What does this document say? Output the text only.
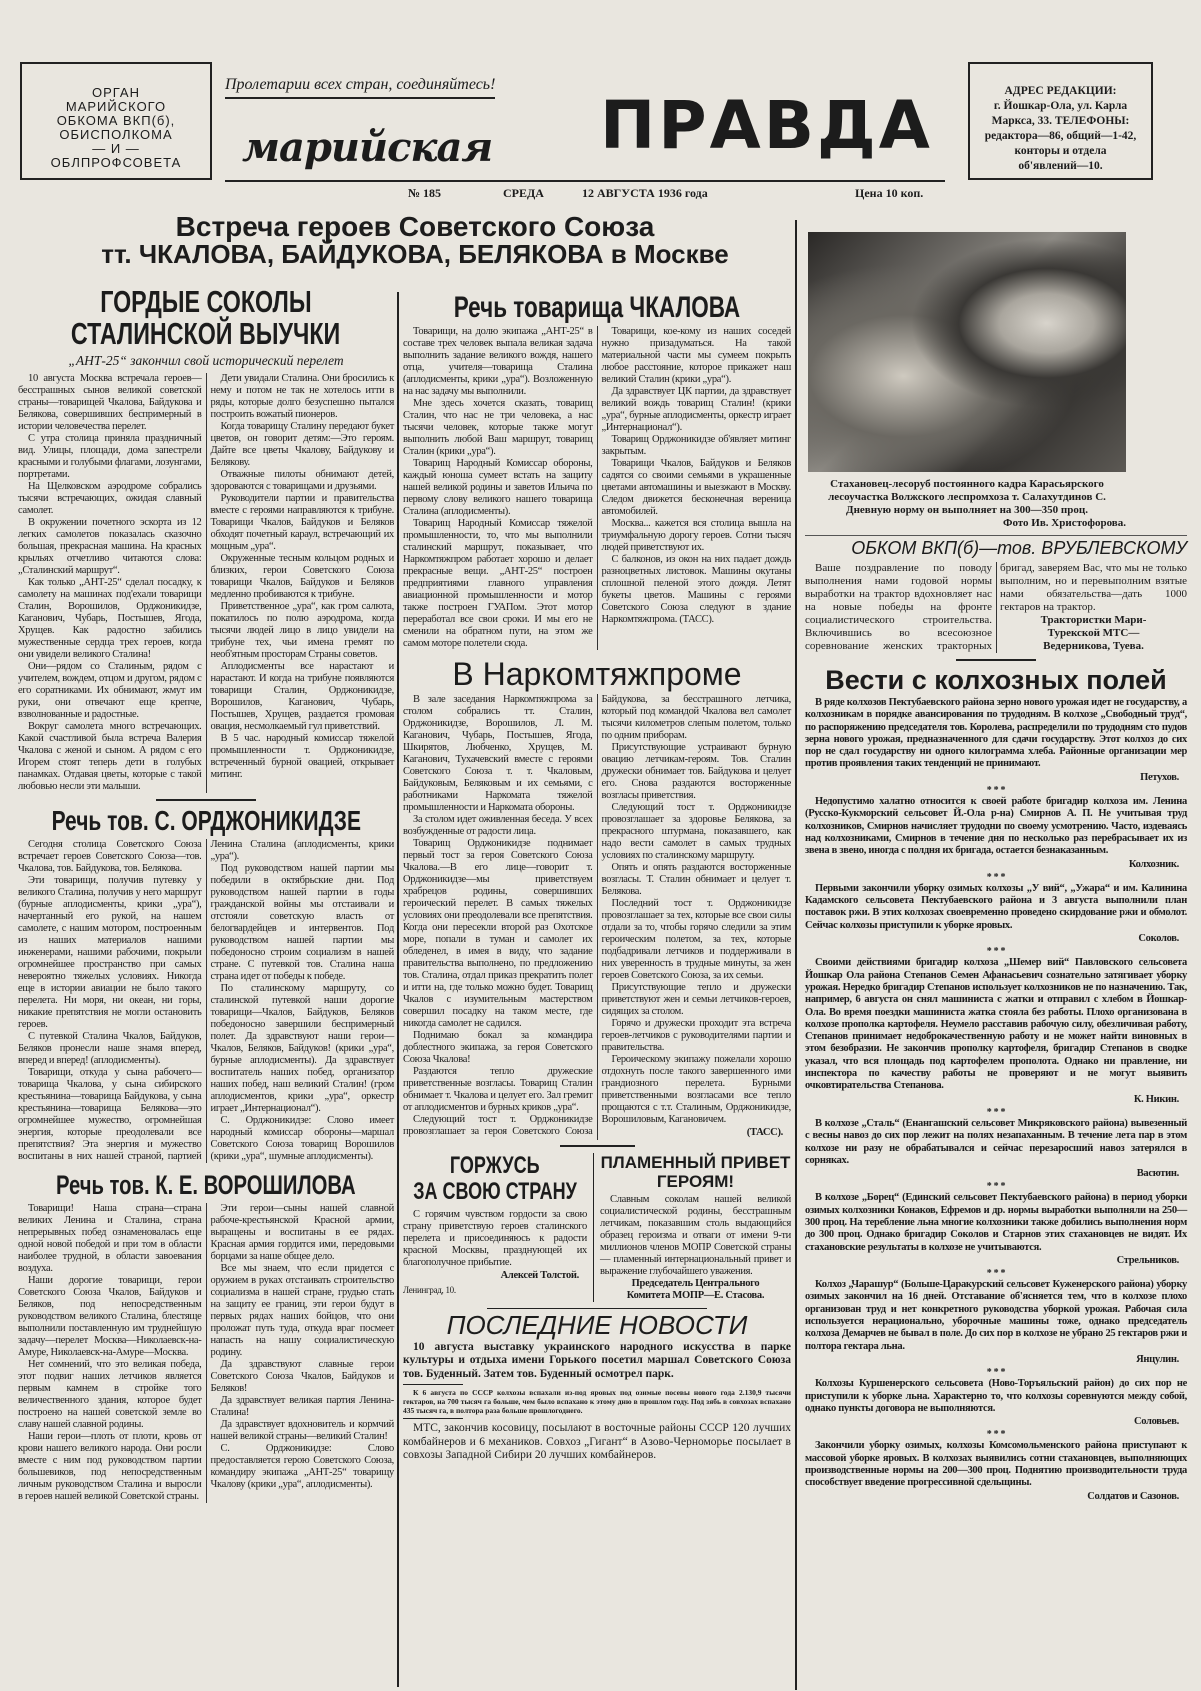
ОРГАН
МАРИЙСКОГО
ОБКОМА ВКП(б),
ОБИСПОЛКОМА
— И —
ОБЛПРОФСОВЕТА
Пролетарии всех стран, соединяйтесь!
марийская ПРАВДА	АДРЕС РЕДАКЦИИ:
г. Йошкар-Ола, ул. Карла
Маркса, 33. ТЕЛЕФОНЫ:
редактора—86, общий—1-42,
конторы и отдела
об'явлений—10.
№ 185	СРЕДА	12 АВГУСТА 1936 года	Цена 10 коп.
Встреча героев Советского Союза
тт. ЧКАЛОВА, БАЙДУКОВА, БЕЛЯКОВА в Москве
ГОРДЫЕ СОКОЛЫ
СТАЛИНСКОЙ ВЫУЧКИ
„АНТ-25“ закончил свой исторический перелет

10 августа Москва встречала героев—бесстрашных сынов великой советской страны—товарищей Чкалова, Байдукова и Белякова, совершивших беспримерный в истории человечества перелет.

С утра столица приняла праздничный вид. Улицы, площади, дома запестрели красными и голубыми флагами, лозунгами, портретами.

На Щелковском аэродроме собрались тысячи встречающих, ожидая славный самолет.

В окружении почетного эскорта из 12 легких самолетов показалась сказочно большая, прекрасная машина. На красных крыльях отчетливо читаются слова: „Сталинский маршрут“.

Как только „АНТ-25“ сделал посадку, к самолету на машинах под'ехали товарищи Сталин, Ворошилов, Орджоникидзе, Каганович, Чубарь, Постышев, Ягода, Хрущев. Как радостно забились мужественные сердца трех героев, когда они увидели великого Сталина!

Они—рядом со Сталиным, рядом с учителем, вождем, отцом и другом, рядом с его соратниками. Их обнимают, жмут им руки, они отвечают еще крепче, взволнованные и радостные.

Вокруг самолета много встречающих. Какой счастливой была встреча Валерия Чкалова с женой и сыном. А рядом с его Игорем стоят теперь дети в голубых панамках. Отдавая цветы, которые с такой любовью несли эти малыши.

Дети увидали Сталина. Они бросились к нему и потом не так не хотелось итти в ряды, которые долго безуспешно пытался построить вожатый пионеров.

Когда товарищу Сталину передают букет цветов, он говорит детям:—Это героям. Дайте все цветы Чкалову, Байдукову и Белякову.

Отважные пилоты обнимают детей, здороваются с товарищами и друзьями.

Руководители партии и правительства вместе с героями направляются к трибуне. Товарищи Чкалов, Байдуков и Беляков обходят почетный караул, встречающий их мощным „ура“.

Окруженные тесным кольцом родных и близких, герои Советского Союза товарищи Чкалов, Байдуков и Беляков медленно пробиваются к трибуне.

Приветственное „ура“, как гром салюта, покатилось по полю аэродрома, когда тысячи людей лицо в лицо увидели на трибуне тех, чьи имена гремят по необ'ятным просторам Страны советов.

Аплодисменты все нарастают и нарастают. И когда на трибуне появляются товарищи Сталин, Орджоникидзе, Ворошилов, Каганович, Чубарь, Постышев, Хрущев, раздается громовая овация, несмолкаемый гул приветствий.

В 5 час. народный комиссар тяжелой промышленности т. Орджоникидзе, встреченный бурной овацией, открывает митинг.

Речь тов. С. ОРДЖОНИКИДЗЕ

Сегодня столица Советского Союза встречает героев Советского Союза—тов. Чкалова, тов. Байдукова, тов. Белякова.

Эти товарищи, получив путевку у великого Сталина, получив у него маршрут (бурные аплодисменты, крики „ура“), начертанный его рукой, на нашем самолете, с нашим мотором, построенным из наших материалов нашими инженерами, нашими рабочими, покрыли огромнейшее пространство при самых невероятно тяжелых условиях. Никогда еще в истории авиации не было такого перелета. Ни моря, ни океан, ни горы, никакие препятствия не могли остановить героев.

С путевкой Сталина Чкалов, Байдуков, Беляков пронесли наше знамя вперед, вперед и вперед! (аплодисменты).

Товарищи, откуда у сына рабочего—товарища Чкалова, у сына сибирского крестьянина—товарища Байдукова, у сына крестьянина—товарища Белякова—это огромнейшее мужество, огромнейшая энергия, которые преодолевали все препятствия? Эта энергия и мужество воспитаны в них нашей страной, партией Ленина Сталина (аплодисменты, крики „ура“).

Под руководством нашей партии мы победили в октябрьские дни. Под руководством нашей партии в годы гражданской войны мы отстаивали и отстояли советскую власть от белогвардейцев и интервентов. Под руководством нашей партии мы победоносно строим социализм в нашей стране. С путевкой тов. Сталина наша страна идет от победы к победе.

По сталинскому маршруту, со сталинской путевкой наши дорогие товарищи—Чкалов, Байдуков, Беляков победоносно завершили беспримерный полет. Да здравствуют наши герои—Чкалов, Беляков, Байдуков! (крики „ура“, бурные аплодисменты). Да здравствует воспитатель наших побед, организатор наших побед, наш великий Сталин! (гром аплодисментов, крики „ура“, оркестр играет „Интернационал“).

С. Орджоникидзе: Слово имеет народный комиссар обороны—маршал Советского Союза товарищ Ворошилов (крики „ура“, шумные аплодисменты).

Речь тов. К. Е. ВОРОШИЛОВА

Товарищи! Наша страна—страна великих Ленина и Сталина, страна непрерывных побед ознаменовалась еще одной новой победой и при том в области наиболее трудной, в области завоевания воздуха.

Наши дорогие товарищи, герои Советского Союза Чкалов, Байдуков и Беляков, под непосредственным руководством великого Сталина, блестяще выполнили поставленную им труднейшую задачу—перелет Москва—Николаевск-на-Амуре, Николаевск-на-Амуре—Москва.

Нет сомнений, что это великая победа, этот подвиг наших летчиков является первым камнем в стройке того величественного здания, которое будет построено на нашей советской земле во славу нашей славной родины.

Наши герои—плоть от плоти, кровь от крови нашего великого народа. Они росли вместе с ним под руководством партии большевиков, под непосредственным личным руководством Сталина и выросли в героев нашей великой Советской страны.

Эти герои—сыны нашей славной рабоче-крестьянской Красной армии, выращены и воспитаны в ее рядах. Красная армия гордится ими, передовыми борцами за наше общее дело.

Все мы знаем, что если придется с оружием в руках отстаивать строительство социализма в нашей стране, грудью стать на защиту ее границ, эти герои будут в первых рядах наших бойцов, что они проложат путь туда, откуда враг посмеет напасть на нашу социалистическую родину.

Да здравствуют славные герои Советского Союза Чкалов, Байдуков и Беляков!

Да здравствует великая партия Ленина-Сталина!

Да здравствует вдохновитель и кормчий нашей великой страны—великий Сталин!

С. Орджоникидзе: Слово предоставляется герою Советского Союза, командиру экипажа „АНТ-25“ товарищу Чкалову (крики „ура“, аплодисменты).

Речь товарища ЧКАЛОВА

Товарищи, на долю экипажа „АНТ-25“ в составе трех человек выпала великая задача выполнить задание великого вождя, нашего отца, учителя—товарища Сталина (аплодисменты, крики „ура“). Возложенную на нас задачу мы выполнили.

Мне здесь хочется сказать, товарищ Сталин, что нас не три человека, а нас тысячи человек, которые также могут выполнить любой Ваш маршрут, товарищ Сталин (крики „ура“).

Товарищ Народный Комиссар обороны, каждый юноша сумеет встать на защиту нашей великой родины и заветов Ильича по первому слову великого нашего товарища Сталина (аплодисменты).

Товарищ Народный Комиссар тяжелой промышленности, то, что мы выполнили сталинский маршрут, показывает, что Наркомтяжпром работает хорошо и делает прекрасные вещи. „АНТ-25“ построен предприятиями главного управления авиационной промышленности и мотор также построен ГУАПом. Этот мотор переработал все свои сроки. И мы его не сменили на обратном пути, на этом же самом моторе полетели сюда.

Товарищи, кое-кому из наших соседей нужно призадуматься. На такой материальной части мы сумеем покрыть любое расстояние, которое прикажет наш великий Сталин (крики „ура“).

Да здравствует ЦК партии, да здравствует великий вождь товарищ Сталин! (крики „ура“, бурные аплодисменты, оркестр играет „Интернационал“).

Товарищ Орджоникидзе об'являет митинг закрытым.

Товарищи Чкалов, Байдуков и Беляков садятся со своими семьями в украшенные цветами автомашины и выезжают в Москву. Следом движется бесконечная вереница автомобилей.

Москва... кажется вся столица вышла на триумфальную дорогу героев. Сотни тысяч людей приветствуют их.

С балконов, из окон на них падает дождь разноцветных листовок. Машины окутаны сплошной пеленой этого дождя. Летят букеты цветов. Машины с героями Советского Союза следуют в здание Наркомтяжпрома. (ТАСС).

В Наркомтяжпроме

В зале заседания Наркомтяжпрома за столом собрались тт. Сталин, Орджоникидзе, Ворошилов, Л. М. Каганович, Чубарь, Постышев, Ягода, Шкирятов, Любченко, Хрущев, М. Каганович, Тухачевский вместе с героями Советского Союза т. т. Чкаловым, Байдуковым, Беляковым и их семьями, с работниками Наркомата тяжелой промышленности и Наркомата обороны.

За столом идет оживленная беседа. У всех возбужденные от радости лица.

Товарищ Орджоникидзе поднимает первый тост за героя Советского Союза Чкалова.—В его лице—говорит т. Орджоникидзе—мы приветствуем храбрецов родины, совершивших героический перелет. В самых тяжелых условиях они преодолевали все препятствия. Когда они пересекли второй раз Охотское море, попали в туман и самолет их обледенел, в имея в виду, что задание правительства выполнено, по предложению тов. Сталина, отдал приказ прекратить полет и итти на, где только можно будет. Товарищ Чкалов с изумительным мастерством совершил посадку на таком месте, где никогда самолет не садился.

Поднимаю бокал за командира доблестного экипажа, за героя Советского Союза Чкалова!

Раздаются тепло дружеские приветственные возгласы. Товарищ Сталин обнимает т. Чкалова и целует его. Зал гремит от аплодисментов и бурных криков „ура“.

Следующий тост т. Орджоникидзе провозглашает за героя Советского Союза Байдукова, за бесстрашного летчика, который под командой Чкалова вел самолет тысячи километров слепым полетом, только по одним приборам.

Присутствующие устраивают бурную овацию летчикам-героям. Тов. Сталин дружески обнимает тов. Байдукова и целует его. Снова раздаются восторженные возгласы приветствия.

Следующий тост т. Орджоникидзе провозглашает за здоровье Белякова, за прекрасного штурмана, показавшего, как надо вести самолет в самых трудных условиях по сталинскому маршруту.

Опять и опять раздаются восторженные возгласы. Т. Сталин обнимает и целует т. Белякова.

Последний тост т. Орджоникидзе провозглашает за тех, которые все свои силы отдали за то, чтобы горячо следили за этим героическим полетом, за тех, которые подбадривали летчиков и поддерживали в них уверенность в трудные минуты, за жен героев Советского Союза, за их семьи.

Присутствующие тепло и дружески приветствуют жен и семьи летчиков-героев, сидящих за столом.

Горячо и дружески проходит эта встреча героев-летчиков с руководителями партии и правительства.

Героическому экипажу пожелали хорошо отдохнуть после такого завершенного ими грандиозного перелета. Бурными приветственными возгласами все тепло прощаются с т.т. Сталиным, Орджоникидзе, Ворошиловым, Кагановичем.

(ТАСС).
ГОРЖУСЬ
ЗА СВОЮ СТРАНУ

С горячим чувством гордости за свою страну приветствую героев сталинского перелета и присоединяюсь к радости красной Москвы, празднующей их благополучное прибытие.

Алексей Толстой.
Ленинград, 10.
ПЛАМЕННЫЙ ПРИВЕТ
ГЕРОЯМ!

Славным соколам нашей великой социалистической родины, бесстрашным летчикам, показавшим столь выдающийся образец героизма и отваги от имени 9-ти миллионов членов МОПР Советской страны — пламенный интернациональный привет и выражение глубочайшего уважения.

Председатель Центрального
Комитета МОПР—Е. Стасова.
ПОСЛЕДНИЕ НОВОСТИ

10 августа выставку украинского народного искусства в парке культуры и отдыха имени Горького посетил маршал Советского Союза тов. Буденный. Затем тов. Буденный осмотрел парк.

К 6 августа по СССР колхозы вспахали из-под яровых под озимые посевы нового года 2.130,9 тысячи гектаров, на 700 тысяч га больше, чем было вспахано к этому дню в прошлом году. Под зябь в совхозах вспахано 435 тысяч га, в полтора раза больше прошлогоднего.

МТС, закончив косовицу, посылают в восточные районы СССР 120 лучших комбайнеров и 6 механиков. Совхоз „Гигант“ в Азово-Черноморье посылает в совхозы Западной Сибири 20 лучших комбайнеров.

Стахановец-лесоруб постоянного кадра Карасьярского лесоучастка Волжского леспромхоза т. Салахутдинов С. Дневную норму он выполняет на 300—350 проц.
Фото Ив. Христофорова.
ОБКОМ ВКП(б)—тов. ВРУБЛЕВСКОМУ
Ваше поздравление по поводу выполнения нами годовой нормы выработки на трактор вдохновляет нас на новые победы на фронте социалистического строительства. Включившись во всесоюзное соревнование женских тракторных бригад, заверяем Вас, что мы не только выполним, но и перевыполним взятые нами обязательства—дать 1000 гектаров на трактор.
Трактористки Мари-
Турекской МТС—
Ведерникова, Туева.
Вести с колхозных полей

В ряде колхозов Пектубаевского района зерно нового урожая идет не государству, а колхозникам в порядке авансирования по трудодням. В колхозе „Свободный труд“, по распоряжению председателя тов. Королева, распределили по трудодням сто пудов зерна нового урожая, предназначенного для сдачи государству. Этот колхоз до сих пор не сдал государству ни одного килограмма хлеба. Районные организации мер против проявления таких тенденций не принимают.

Петухов.
* * *

Недопустимо халатно относится к своей работе бригадир колхоза им. Ленина (Русско-Кукморский сельсовет Й.-Ола р-на) Смирнов А. П. Не учитывая труд колхозников, Смирнов начисляет трудодни по своему усмотрению. Часто, издеваясь над колхозниками, Смирнов в течение дня по несколько раз перебрасывает их из звена в звено, иногда с полдня их бригада, остается безнаказанным.

Колхозник.
* * *

Первыми закончили уборку озимых колхозы „У вий“, „Ужара“ и им. Калинина Кадамского сельсовета Пектубаевского района и 3 августа выполнили план поставок ржи. В этих колхозах своевременно проведено скирдование ржи и обмолот. Сейчас колхозы приступили к уборке яровых.

Соколов.
* * *

Своими действиями бригадир колхоза „Шемер вий“ Павловского сельсовета Йошкар Ола района Степанов Семен Афанасьевич сознательно затягивает уборку урожая. Нередко бригадир Степанов использует колхозников не по назначению. Так, например, 6 августа он снял машиниста с жатки и отправил с хлебом в Йошкар-Ола. Во время поездки машиниста жатка стояла без работы. Плохо организована в колхозе прополка картофеля. Неумело расставив рабочую силу, обезличивая работу, Степанов принимает недоброкачественную работу и не может найти виновных в этом безобразии. Не закончив прополку картофеля, бригадир Степанов в сводке указал, что вся площадь под картофелем прополота. Однако ни правление, ни инспектора по качеству работы не проверяют и не могут выявить очковтирательства Степанова.

К. Никин.
* * *

В колхозе „Сталь“ (Енангашский сельсовет Микряковского района) вывезенный с весны навоз до сих пор лежит на полях незапаханным. В течение лета пар в этом колхозе ни разу не обрабатывался и сейчас перезаросший навоз затерялся в сорняках.

Васютин.
* * *

В колхозе „Борец“ (Единский сельсовет Пектубаевского района) в период уборки озимых колхозники Конаков, Ефремов и др. нормы выработки выполняли на 250—300 проц. На теребление льна многие колхозники также добились выполнения норм до 300 проц. Однако бригадир Соколов и Старнов этих стахановцев не видят. Их стахановские результаты в колхозе не учитываются.

Стрельников.
* * *

Колхоз „Чарашур“ (Больше-Царакурский сельсовет Куженерского района) уборку озимых закончил на 16 дней. Отставание об'ясняется тем, что в колхозе плохо организован труд и нет конкретного руководства уборкой урожая. Рабочая сила используется нерационально, уборочные машины тоже, однако председатель колхоза Демарчев не бывал в поле. До сих пор в колхозе не убрано 25 гектаров ржи и полтора гектара льна.

Янцулин.
* * *

Колхозы Куршенерского сельсовета (Ново-Торъяльский район) до сих пор не приступили к уборке льна. Характерно то, что колхозы соревнуются между собой, однако пункты договора не выполняются.

Соловьев.
* * *

Закончили уборку озимых, колхозы Комсомольменского района приступают к массовой уборке яровых. В колхозах выявились сотни стахановцев, выполняющих производственные нормы на 200—300 проц. Поднятию производительности труда способствует введение прогрессивной сдельщины.

Солдатов и Сазонов.
